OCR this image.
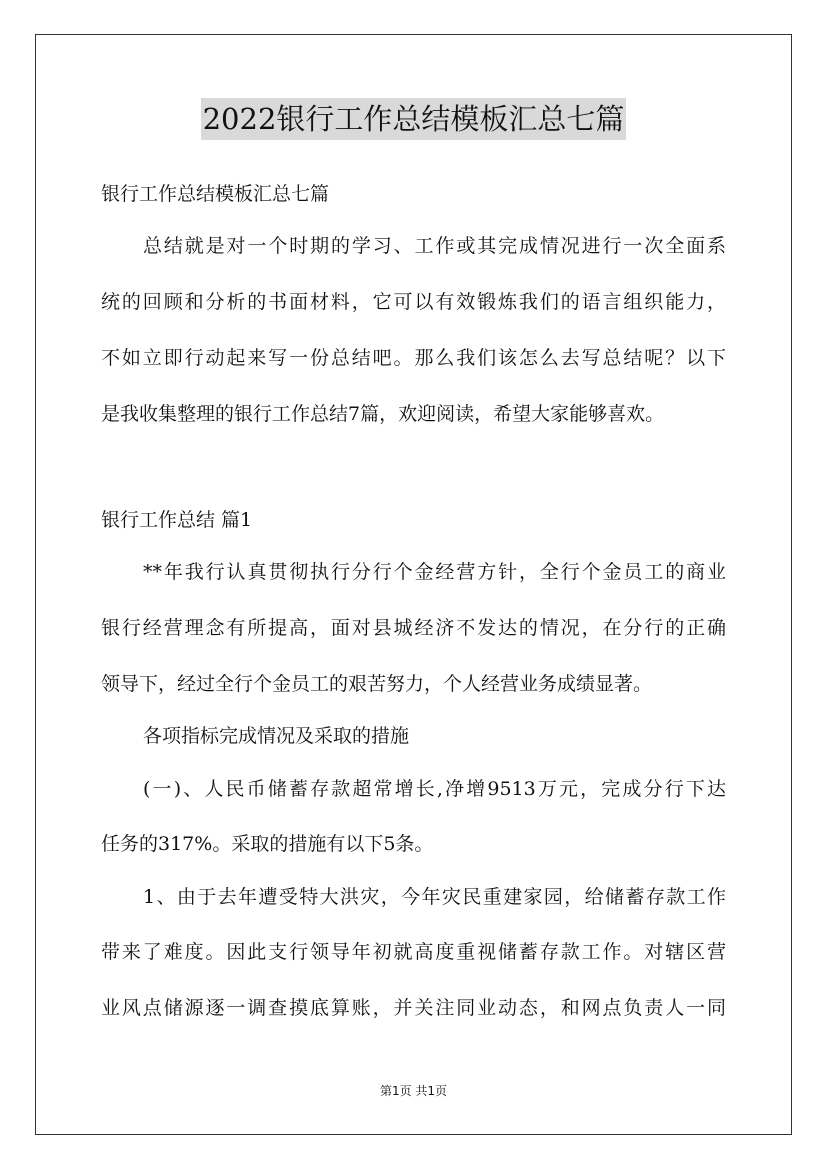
2022银行工作总结模板汇总七篇
银行工作总结模板汇总七篇
总结就是对一个时期的学习、工作或其完成情况进行一次全面系
统的回顾和分析的书面材料，它可以有效锻炼我们的语言组织能力，
不如立即行动起来写一份总结吧。那么我们该怎么去写总结呢？以下
是我收集整理的银行工作总结7篇，欢迎阅读，希望大家能够喜欢。
银行工作总结 篇1
**年我行认真贯彻执行分行个金经营方针，全行个金员工的商业
银行经营理念有所提高，面对县城经济不发达的情况，在分行的正确
领导下，经过全行个金员工的艰苦努力，个人经营业务成绩显著。
各项指标完成情况及采取的措施
(一)、人民币储蓄存款超常增长,净增9513万元，完成分行下达
任务的317%。采取的措施有以下5条。
1、由于去年遭受特大洪灾，今年灾民重建家园，给储蓄存款工作
带来了难度。因此支行领导年初就高度重视储蓄存款工作。对辖区营
业风点储源逐一调查摸底算账，并关注同业动态，和网点负责人一同
第1页 共1页
